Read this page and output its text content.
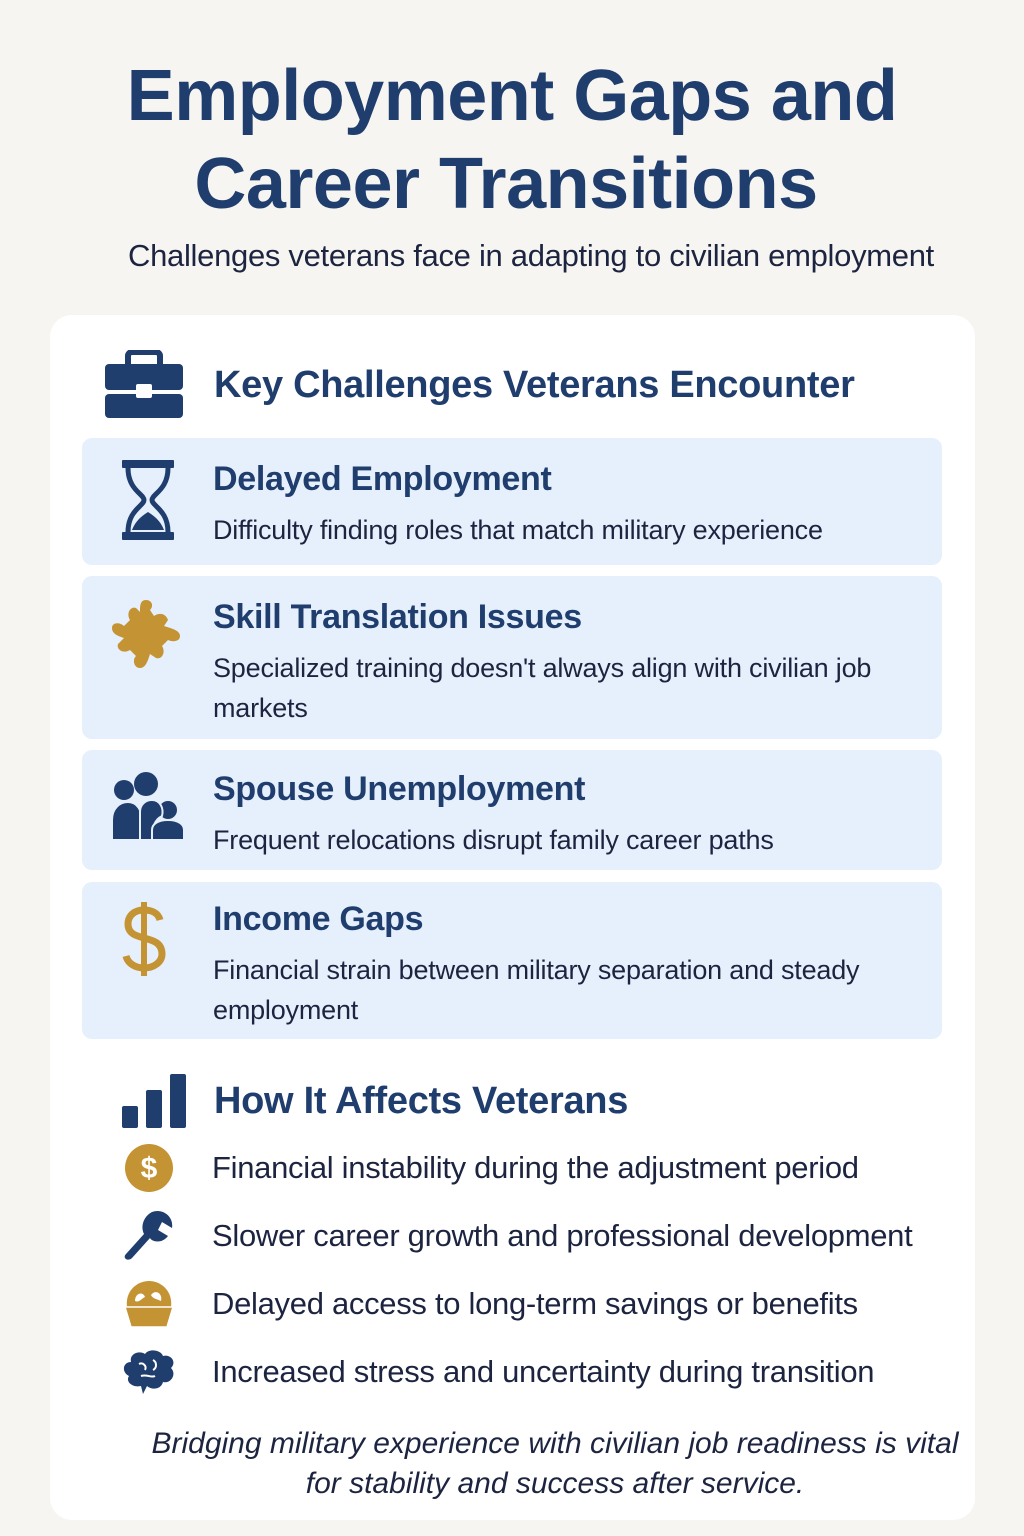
Employment Gaps and
Career Transitions
Challenges veterans face in adapting to civilian employment
Key Challenges Veterans Encounter
Delayed Employment
Difficulty finding roles that match military experience
Skill Translation Issues
Specialized training doesn't always align with civilian job markets
Spouse Unemployment
Frequent relocations disrupt family career paths
Income Gaps
Financial strain between military separation and steady employment
How It Affects Veterans
$ Financial instability during the adjustment period
Slower career growth and professional development
Delayed access to long-term savings or benefits
Increased stress and uncertainty during transition
Bridging military experience with civilian job readiness is vital for stability and success after service.
